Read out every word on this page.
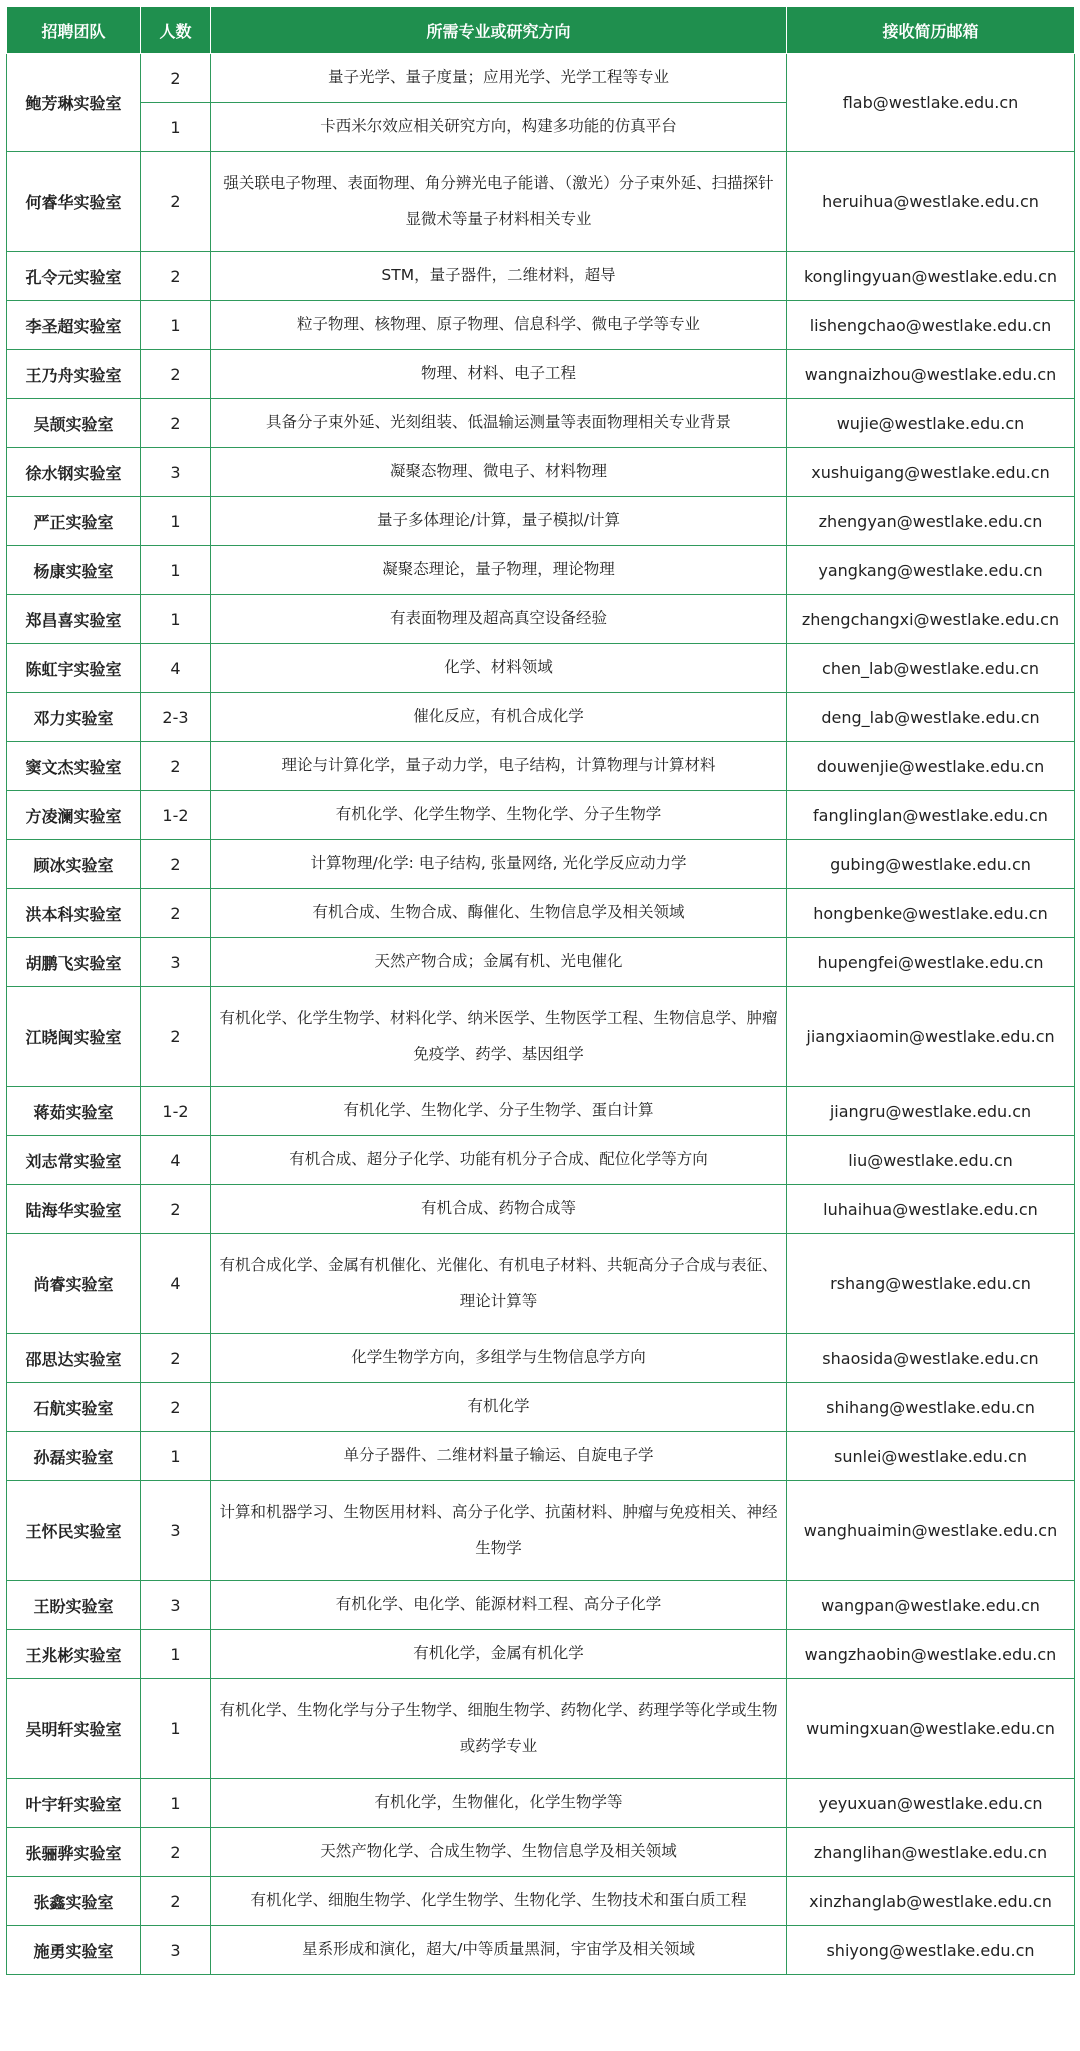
招聘团队	人数	所需专业或研究方向	接收简历邮箱
鲍芳琳实验室	2	量子光学、量子度量；应用光学、光学工程等专业	flab@westlake.edu.cn
	1	卡西米尔效应相关研究方向，构建多功能的仿真平台	
何睿华实验室	2	强关联电子物理、表面物理、角分辨光电子能谱、（激光）分子束外延、扫描探针显微术等量子材料相关专业	heruihua@westlake.edu.cn
孔令元实验室	2	STM，量子器件，二维材料，超导	konglingyuan@westlake.edu.cn
李圣超实验室	1	粒子物理、核物理、原子物理、信息科学、微电子学等专业	lishengchao@westlake.edu.cn
王乃舟实验室	2	物理、材料、电子工程	wangnaizhou@westlake.edu.cn
吴颉实验室	2	具备分子束外延、光刻组装、低温输运测量等表面物理相关专业背景	wujie@westlake.edu.cn
徐水钢实验室	3	凝聚态物理、微电子、材料物理	xushuigang@westlake.edu.cn
严正实验室	1	量子多体理论/计算，量子模拟/计算	zhengyan@westlake.edu.cn
杨康实验室	1	凝聚态理论，量子物理，理论物理	yangkang@westlake.edu.cn
郑昌喜实验室	1	有表面物理及超高真空设备经验	zhengchangxi@westlake.edu.cn
陈虹宇实验室	4	化学、材料领域	chen_lab@westlake.edu.cn
邓力实验室	2-3	催化反应，有机合成化学	deng_lab@westlake.edu.cn
窦文杰实验室	2	理论与计算化学，量子动力学，电子结构，计算物理与计算材料	douwenjie@westlake.edu.cn
方凌澜实验室	1-2	有机化学、化学生物学、生物化学、分子生物学	fanglinglan@westlake.edu.cn
顾冰实验室	2	计算物理/化学: 电子结构, 张量网络, 光化学反应动力学	gubing@westlake.edu.cn
洪本科实验室	2	有机合成、生物合成、酶催化、生物信息学及相关领域	hongbenke@westlake.edu.cn
胡鹏飞实验室	3	天然产物合成；金属有机、光电催化	hupengfei@westlake.edu.cn
江晓闽实验室	2	有机化学、化学生物学、材料化学、纳米医学、生物医学工程、生物信息学、肿瘤免疫学、药学、基因组学	jiangxiaomin@westlake.edu.cn
蒋茹实验室	1-2	有机化学、生物化学、分子生物学、蛋白计算	jiangru@westlake.edu.cn
刘志常实验室	4	有机合成、超分子化学、功能有机分子合成、配位化学等方向	liu@westlake.edu.cn
陆海华实验室	2	有机合成、药物合成等	luhaihua@westlake.edu.cn
尚睿实验室	4	有机合成化学、金属有机催化、光催化、有机电子材料、共轭高分子合成与表征、理论计算等	rshang@westlake.edu.cn
邵思达实验室	2	化学生物学方向，多组学与生物信息学方向	shaosida@westlake.edu.cn
石航实验室	2	有机化学	shihang@westlake.edu.cn
孙磊实验室	1	单分子器件、二维材料量子输运、自旋电子学	sunlei@westlake.edu.cn
王怀民实验室	3	计算和机器学习、生物医用材料、高分子化学、抗菌材料、肿瘤与免疫相关、神经生物学	wanghuaimin@westlake.edu.cn
王盼实验室	3	有机化学、电化学、能源材料工程、高分子化学	wangpan@westlake.edu.cn
王兆彬实验室	1	有机化学，金属有机化学	wangzhaobin@westlake.edu.cn
吴明轩实验室	1	有机化学、生物化学与分子生物学、细胞生物学、药物化学、药理学等化学或生物或药学专业	wumingxuan@westlake.edu.cn
叶宇轩实验室	1	有机化学，生物催化，化学生物学等	yeyuxuan@westlake.edu.cn
张骊骅实验室	2	天然产物化学、合成生物学、生物信息学及相关领域	zhanglihan@westlake.edu.cn
张鑫实验室	2	有机化学、细胞生物学、化学生物学、生物化学、生物技术和蛋白质工程	xinzhanglab@westlake.edu.cn
施勇实验室	3	星系形成和演化，超大/中等质量黑洞，宇宙学及相关领域	shiyong@westlake.edu.cn
